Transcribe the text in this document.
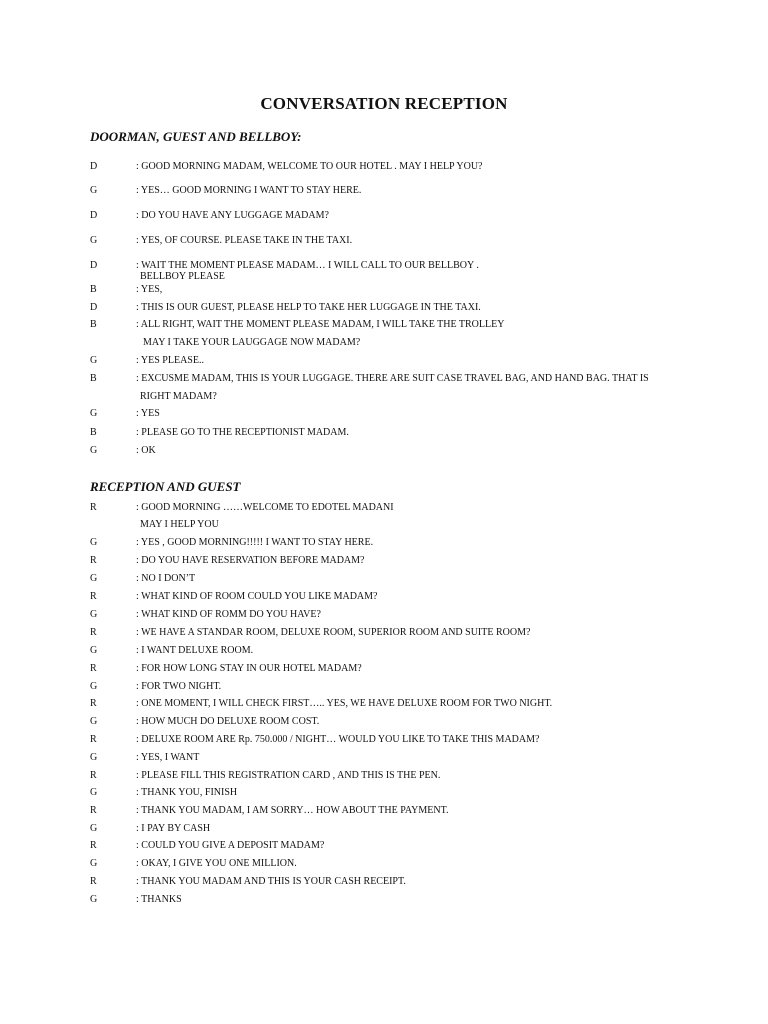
CONVERSATION RECEPTION
DOORMAN, GUEST AND BELLBOY:
RECEPTION AND GUEST
D	: GOOD MORNING MADAM, WELCOME TO OUR HOTEL . MAY I HELP YOU?
G	: YES… GOOD MORNING I WANT TO STAY HERE.
D	: DO YOU HAVE ANY LUGGAGE MADAM?
G	: YES, OF COURSE. PLEASE TAKE IN THE TAXI.
D	: WAIT THE MOMENT PLEASE MADAM… I WILL CALL TO OUR BELLBOY .
BELLBOY PLEASE
B	: YES,
D	: THIS IS OUR GUEST, PLEASE HELP TO TAKE HER LUGGAGE IN THE TAXI.
B	: ALL RIGHT, WAIT THE MOMENT PLEASE MADAM, I WILL TAKE THE TROLLEY
MAY I TAKE YOUR LAUGGAGE NOW MADAM?
G	: YES PLEASE..
B	: EXCUSME MADAM, THIS IS YOUR LUGGAGE. THERE ARE SUIT CASE TRAVEL BAG, AND HAND BAG. THAT IS
RIGHT MADAM?
G	: YES
B	: PLEASE GO TO THE RECEPTIONIST MADAM.
G	: OK
R	: GOOD MORNING ……WELCOME TO EDOTEL MADANI
MAY I HELP YOU
G	: YES , GOOD MORNING!!!!! I WANT TO STAY HERE.
R	: DO YOU HAVE RESERVATION BEFORE MADAM?
G	: NO I DON’T
R	: WHAT KIND OF ROOM COULD YOU LIKE MADAM?
G	: WHAT KIND OF ROMM DO YOU HAVE?
R	: WE HAVE A STANDAR ROOM, DELUXE ROOM, SUPERIOR ROOM AND SUITE ROOM?
G	: I WANT DELUXE ROOM.
R	: FOR HOW LONG STAY IN OUR HOTEL MADAM?
G	: FOR TWO NIGHT.
R	: ONE MOMENT, I WILL CHECK FIRST….. YES, WE HAVE DELUXE ROOM FOR TWO NIGHT.
G	: HOW MUCH DO DELUXE ROOM COST.
R	: DELUXE ROOM ARE Rp. 750.000 / NIGHT… WOULD YOU LIKE TO TAKE THIS MADAM?
G	: YES, I WANT
R	: PLEASE FILL THIS REGISTRATION CARD , AND THIS IS THE PEN.
G	: THANK YOU, FINISH
R	: THANK YOU MADAM, I AM SORRY… HOW ABOUT THE PAYMENT.
G	: I PAY BY CASH
R	: COULD YOU GIVE A DEPOSIT MADAM?
G	: OKAY, I GIVE YOU ONE MILLION.
R	: THANK YOU MADAM AND THIS IS YOUR CASH RECEIPT.
G	: THANKS
